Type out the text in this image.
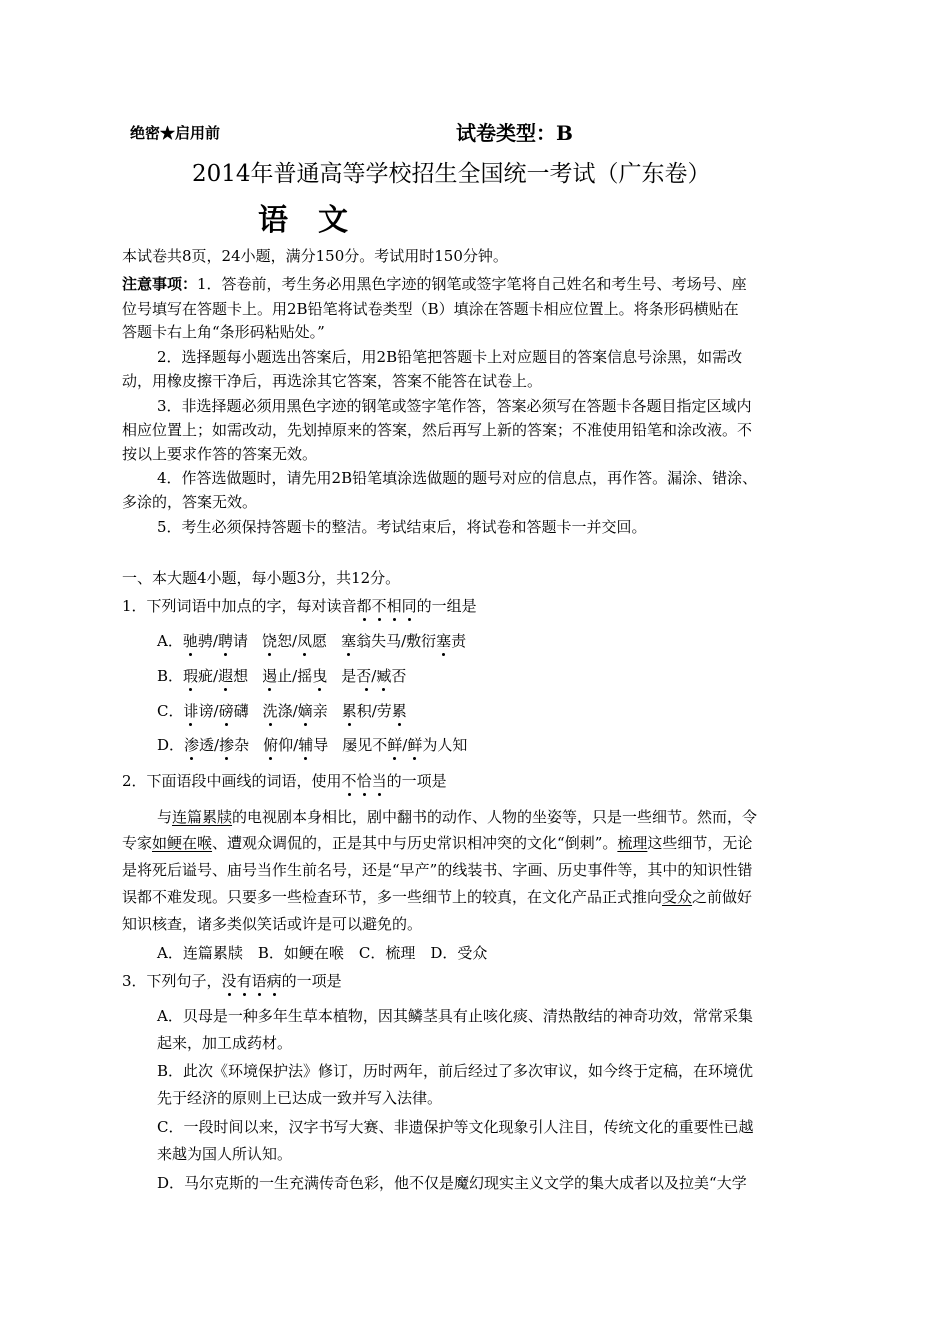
绝密★启用前	试卷类型：B
2014年普通高等学校招生全国统一考试（广东卷）
语　文
本试卷共8页，24小题，满分150分。考试用时150分钟。
注意事项：1．答卷前，考生务必用黑色字迹的钢笔或签字笔将自己姓名和考生号、考场号、座
位号填写在答题卡上。用2B铅笔将试卷类型（B）填涂在答题卡相应位置上。将条形码横贴在
答题卡右上角“条形码粘贴处。”
2．选择题每小题选出答案后，用2B铅笔把答题卡上对应题目的答案信息号涂黑，如需改
动，用橡皮擦干净后，再选涂其它答案，答案不能答在试卷上。
3．非选择题必须用黑色字迹的钢笔或签字笔作答，答案必须写在答题卡各题目指定区域内
相应位置上；如需改动，先划掉原来的答案，然后再写上新的答案；不准使用铅笔和涂改液。不
按以上要求作答的答案无效。
4．作答选做题时，请先用2B铅笔填涂选做题的题号对应的信息点，再作答。漏涂、错涂、
多涂的，答案无效。
5．考生必须保持答题卡的整洁。考试结束后，将试卷和答题卡一并交回。
一、本大题4小题，每小题3分，共12分。
1．下列词语中加点的字，每对读音都不相同的一组是
A．驰骋/聘请 饶恕/凤愿 塞翁失马/敷衍塞责
B．瑕疵/遐想 遏止/摇曳 是否/臧否
C．诽谤/磅礴 洗涤/嫡亲 累积/劳累
D．渗透/掺杂 俯仰/辅导 屡见不鲜/鲜为人知
2．下面语段中画线的词语，使用不恰当的一项是
与连篇累牍的电视剧本身相比，剧中翻书的动作、人物的坐姿等，只是一些细节。然而，令
专家如鲠在喉、遭观众调侃的，正是其中与历史常识相冲突的文化“倒刺”。梳理这些细节，无论
是将死后谥号、庙号当作生前名号，还是“早产”的线装书、字画、历史事件等，其中的知识性错
误都不难发现。只要多一些检查环节，多一些细节上的较真，在文化产品正式推向受众之前做好
知识核查，诸多类似笑话或许是可以避免的。
A．连篇累牍　B．如鲠在喉　C．梳理　D．受众
3．下列句子，没有语病的一项是
A．贝母是一种多年生草本植物，因其鳞茎具有止咳化痰、清热散结的神奇功效，常常采集
起来，加工成药材。
B．此次《环境保护法》修订，历时两年，前后经过了多次审议，如今终于定稿，在环境优
先于经济的原则上已达成一致并写入法律。
C．一段时间以来，汉字书写大赛、非遗保护等文化现象引人注目，传统文化的重要性已越
来越为国人所认知。
D．马尔克斯的一生充满传奇色彩，他不仅是魔幻现实主义文学的集大成者以及拉美“大学
